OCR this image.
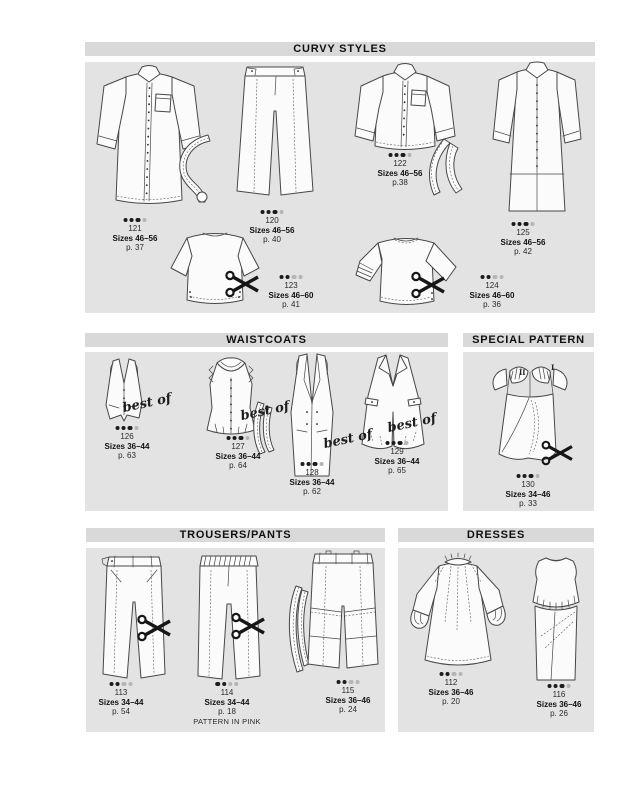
CURVY STYLES
WAISTCOATS	SPECIAL PATTERN
TROUSERS/PANTS	DRESSES
I
II
best of	best of
best of
best of
121
Sizes 46–56
p. 37
120
Sizes 46–56
p. 40
122
Sizes 46–56
p.38
125
Sizes 46–56
p. 42
123
Sizes 46–60
p. 41
124
Sizes 46–60
p. 36
126
Sizes 36–44
p. 63
127
Sizes 36–44
p. 64
128
Sizes 36–44
p. 62
129
Sizes 36–44
p. 65
130
Sizes 34–46
p. 33
113
Sizes 34–44
p. 54
114
Sizes 34–44
p. 18
PATTERN IN PINK
115
Sizes 36–46
p. 24
112
Sizes 36–46
p. 20
116
Sizes 36–46
p. 26
